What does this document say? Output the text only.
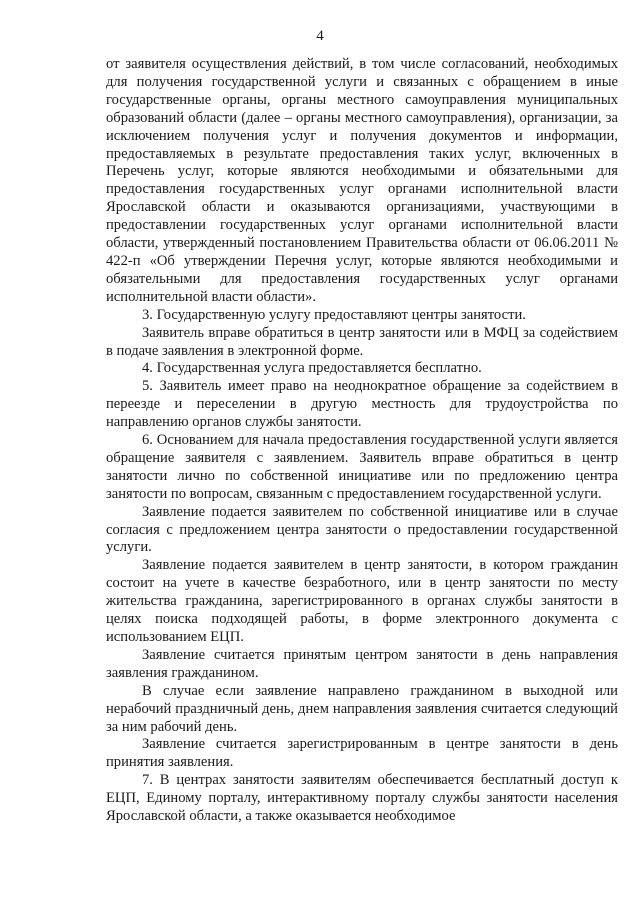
4

от заявителя осуществления действий, в том числе согласований, необходимых для получения государственной услуги и связанных с обращением в иные государственные органы, органы местного самоуправления муниципальных образований области (далее – органы местного самоуправления), организации, за исключением получения услуг и получения документов и информации, предоставляемых в результате предоставления таких услуг, включенных в Перечень услуг, которые являются необходимыми и обязательными для предоставления государственных услуг органами исполнительной власти Ярославской области и оказываются организациями, участвующими в предоставлении государственных услуг органами исполнительной власти области, утвержденный постановлением Правительства области от 06.06.2011 № 422-п «Об утверждении Перечня услуг, которые являются необходимыми и обязательными для предоставления государственных услуг органами исполнительной власти области».

3. Государственную услугу предоставляют центры занятости.

Заявитель вправе обратиться в центр занятости или в МФЦ за содействием в подаче заявления в электронной форме.

4. Государственная услуга предоставляется бесплатно.

5. Заявитель имеет право на неоднократное обращение за содействием в переезде и переселении в другую местность для трудоустройства по направлению органов службы занятости.

6. Основанием для начала предоставления государственной услуги является обращение заявителя с заявлением. Заявитель вправе обратиться в центр занятости лично по собственной инициативе или по предложению центра занятости по вопросам, связанным с предоставлением государственной услуги.

Заявление подается заявителем по собственной инициативе или в случае согласия с предложением центра занятости о предоставлении государственной услуги.

Заявление подается заявителем в центр занятости, в котором гражданин состоит на учете в качестве безработного, или в центр занятости по месту жительства гражданина, зарегистрированного в органах службы занятости в целях поиска подходящей работы, в форме электронного документа с использованием ЕЦП.

Заявление считается принятым центром занятости в день направления заявления гражданином.

В случае если заявление направлено гражданином в выходной или нерабочий праздничный день, днем направления заявления считается следующий за ним рабочий день.

Заявление считается зарегистрированным в центре занятости в день принятия заявления.

7. В центрах занятости заявителям обеспечивается бесплатный доступ к ЕЦП, Единому порталу, интерактивному порталу службы занятости населения Ярославской области, а также оказывается необходимое
